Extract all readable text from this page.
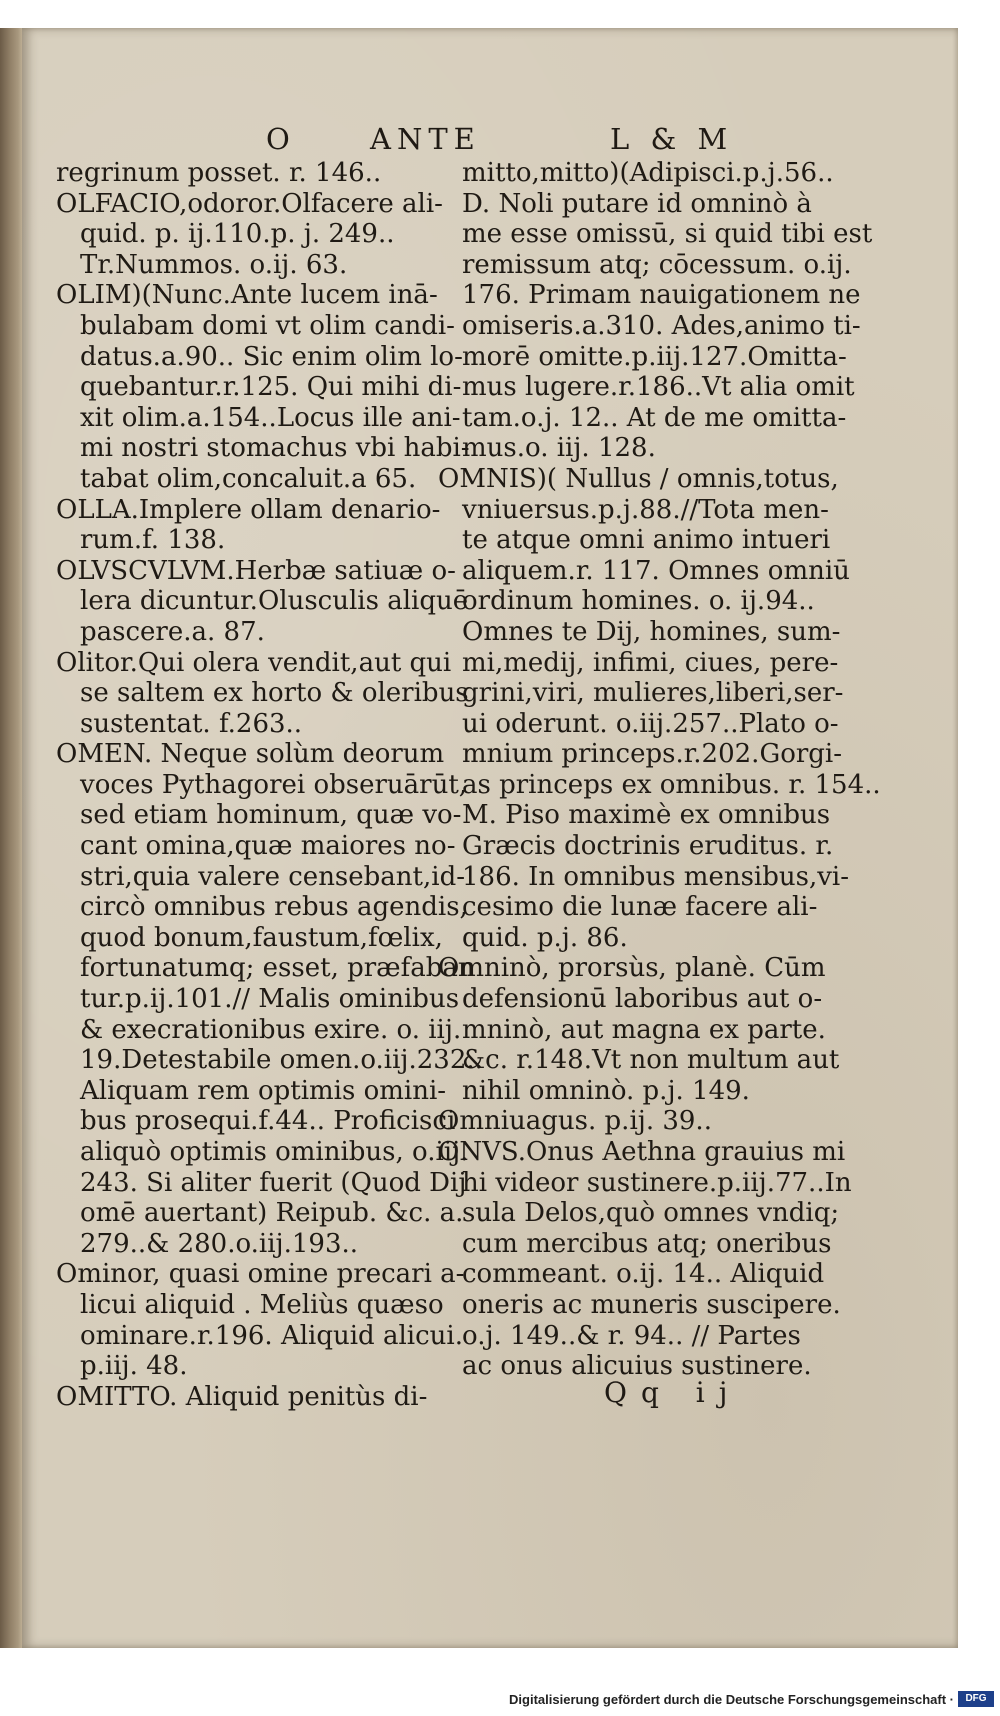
O	ANTE	L & M
regrinum posset. r. 146..
OLFACIO,odoror.Olfacere ali-
quid. p. ij.110.p. j. 249..
Tr.Nummos. o.ij. 63.
OLIM)(Nunc.Ante lucem inā-
bulabam domi vt olim candi-
datus.a.90.. Sic enim olim lo-
quebantur.r.125. Qui mihi di-
xit olim.a.154..Locus ille ani-
mi nostri stomachus vbi habi-
tabat olim,concaluit.a 65.
OLLA.Implere ollam denario-
rum.f. 138.
OLVSCVLVM.Herbæ satiuæ o-
lera dicuntur.Olusculis aliquē
pascere.a. 87.
Olitor.Qui olera vendit,aut qui
se saltem ex horto & oleribus
sustentat. f.263..
OMEN. Neque solùm deorum
voces Pythagorei obseruārūt,
sed etiam hominum, quæ vo-
cant omina,quæ maiores no-
stri,quia valere censebant,id-
circò omnibus rebus agendis,
quod bonum,faustum,fœlix,
fortunatumq; esset, præfaban
tur.p.ij.101.// Malis ominibus
& execrationibus exire. o. iij.
19.Detestabile omen.o.iij.232..
Aliquam rem optimis omini-
bus prosequi.f.44.. Proficisci
aliquò optimis ominibus, o.iij.
243. Si aliter fuerit (Quod Dij
omē auertant) Reipub. &c. a.
279..& 280.o.iij.193..
Ominor, quasi omine precari a-
licui aliquid . Meliùs quæso
ominare.r.196. Aliquid alicui.
p.iij. 48.
OMITTO. Aliquid penitùs di-
mitto,mitto)(Adipisci.p.j.56..
D. Noli putare id omninò à
me esse omissū, si quid tibi est
remissum atq; cōcessum. o.ij.
176. Primam nauigationem ne
omiseris.a.310. Ades,animo ti-
morē omitte.p.iij.127.Omitta-
mus lugere.r.186..Vt alia omit
tam.o.j. 12.. At de me omitta-
mus.o. iij. 128.
OMNIS)( Nullus / omnis,totus,
vniuersus.p.j.88.//Tota men-
te atque omni animo intueri
aliquem.r. 117. Omnes omniū
ordinum homines. o. ij.94..
Omnes te Dij, homines, sum-
mi,medij, infimi, ciues, pere-
grini,viri, mulieres,liberi,ser-
ui oderunt. o.iij.257..Plato o-
mnium princeps.r.202.Gorgi-
as princeps ex omnibus. r. 154..
M. Piso maximè ex omnibus
Græcis doctrinis eruditus. r.
186. In omnibus mensibus,vi-
cesimo die lunæ facere ali-
quid. p.j. 86.
Omninò, prorsùs, planè. Cūm
defensionū laboribus aut o-
mninò, aut magna ex parte.
&c. r.148.Vt non multum aut
nihil omninò. p.j. 149.
Omniuagus. p.ij. 39..
ONVS.Onus Aethna grauius mi
hi videor sustinere.p.iij.77..In
sula Delos,quò omnes vndiq;
cum mercibus atq; oneribus
commeant. o.ij. 14.. Aliquid
oneris ac muneris suscipere.
o.j. 149..& r. 94.. // Partes
ac onus alicuius sustinere.
Qq ij
Digitalisierung gefördert durch die Deutsche Forschungsgemeinschaft ·	DFG
